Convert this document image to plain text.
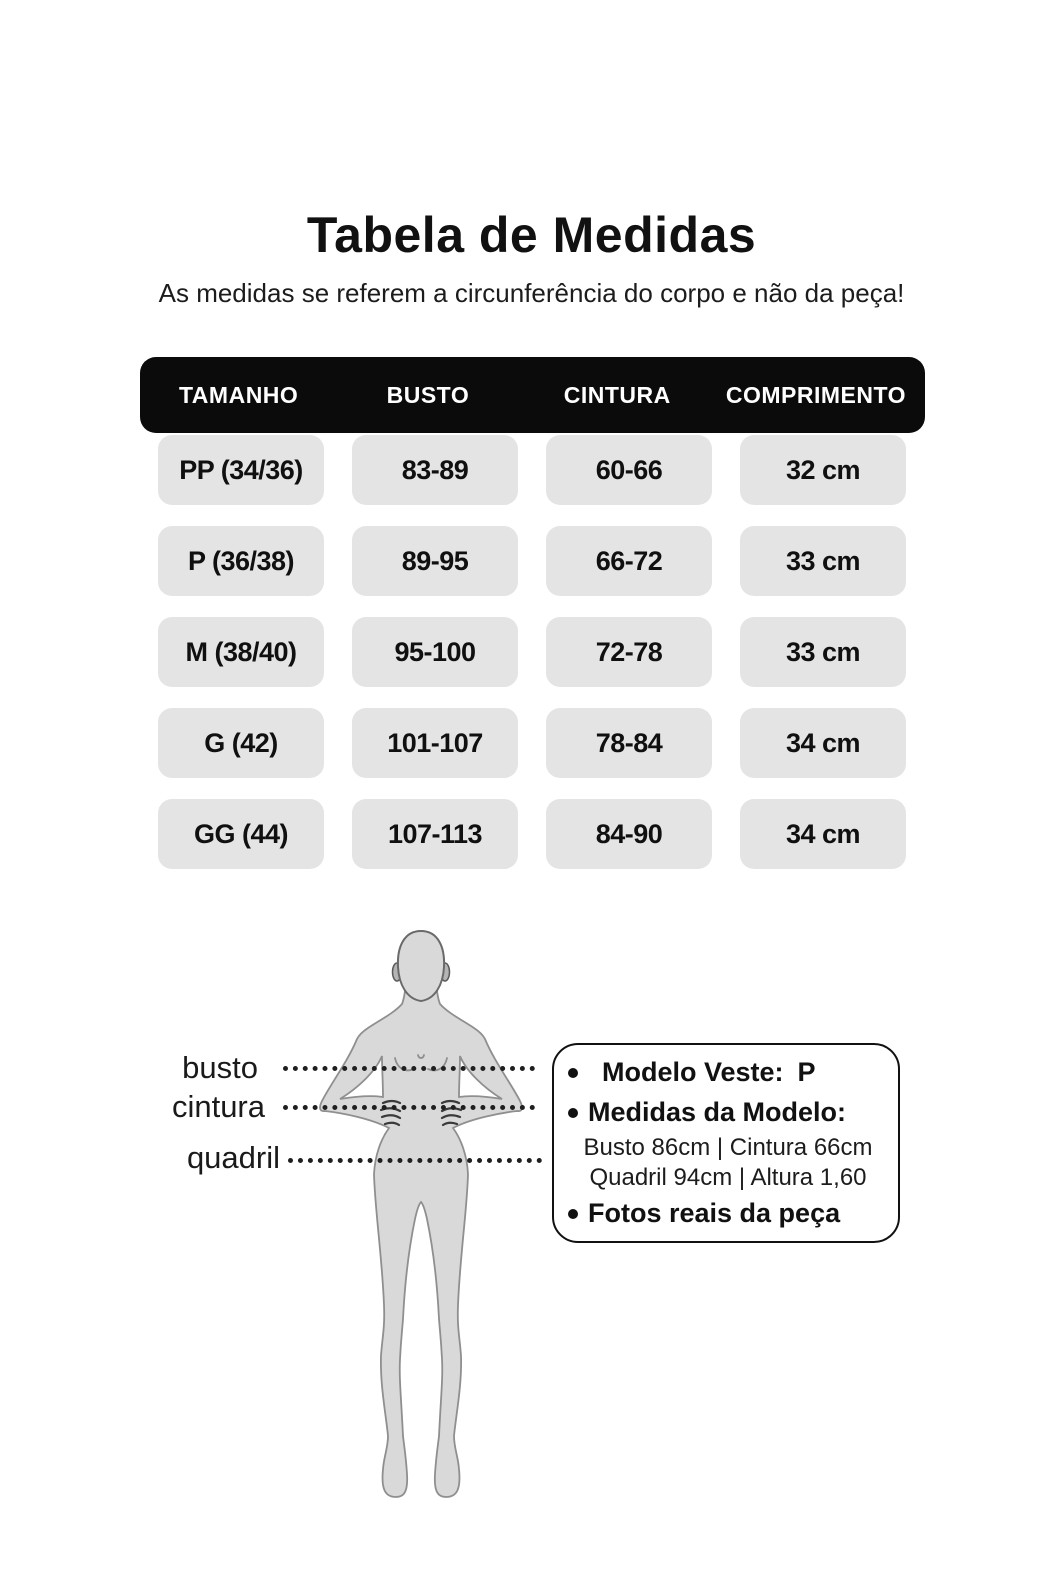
Tabela de Medidas
As medidas se referem a circunferência do corpo e não da peça!
TAMANHO	BUSTO	CINTURA	COMPRIMENTO
PP (34/36)	83-89	60-66	32 cm
P (36/38)	89-95	66-72	33 cm
M (38/40)	95-100	72-78	33 cm
G (42)	101-107	78-84	34 cm
GG (44)	107-113	84-90	34 cm
busto
cintura
quadril
Modelo Veste: P
Medidas da Modelo:
Busto 86cm | Cintura 66cm
Quadril 94cm | Altura 1,60
Fotos reais da peça
